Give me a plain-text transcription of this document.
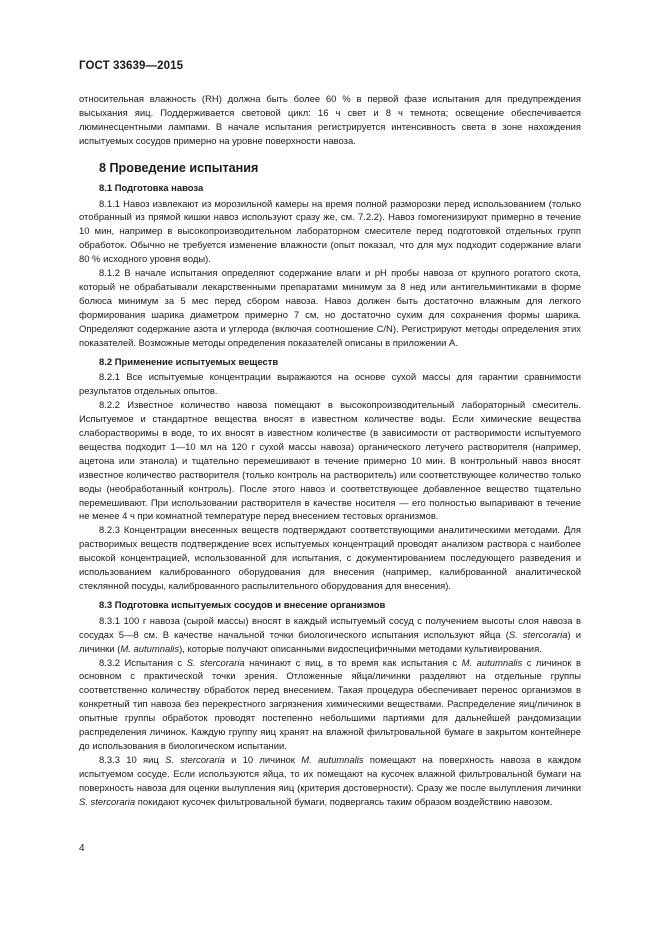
ГОСТ 33639—2015

относительная влажность (RH) должна быть более 60 % в первой фазе испытания для предупреждения высыхания яиц. Поддерживается световой цикл: 16 ч свет и 8 ч темнота; освещение обеспечивается люминесцентными лампами. В начале испытания регистрируется интенсивность света в зоне нахождения испытуемых сосудов примерно на уровне поверхности навоза.

8 Проведение испытания
8.1 Подготовка навоза

8.1.1 Навоз извлекают из морозильной камеры на время полной разморозки перед использованием (только отобранный из прямой кишки навоз используют сразу же, см. 7.2.2). Навоз гомогенизируют примерно в течение 10 мин, например в высокопроизводительном лабораторном смесителе перед подготовкой отдельных групп обработок. Обычно не требуется изменение влажности (опыт показал, что для мух подходит содержание влаги 80 % исходного уровня воды).

8.1.2 В начале испытания определяют содержание влаги и pH пробы навоза от крупного рогатого скота, который не обрабатывали лекарственными препаратами минимум за 8 нед или антигельминтиками в форме болюса минимум за 5 мес перед сбором навоза. Навоз должен быть достаточно влажным для легкого формирования шарика диаметром примерно 7 см, но достаточно сухим для сохранения формы шарика. Определяют содержание азота и углерода (включая соотношение C/N). Регистрируют методы определения этих показателей. Возможные методы определения показателей описаны в приложении А.

8.2 Применение испытуемых веществ

8.2.1 Все испытуемые концентрации выражаются на основе сухой массы для гарантии сравнимости результатов отдельных опытов.

8.2.2 Известное количество навоза помещают в высокопроизводительный лабораторный смеситель. Испытуемое и стандартное вещества вносят в известном количестве воды. Если химические вещества слаборастворимы в воде, то их вносят в известном количестве (в зависимости от растворимости испытуемого вещества подходит 1—10 мл на 120 г сухой массы навоза) органического летучего растворителя (например, ацетона или этанола) и тщательно перемешивают в течение примерно 10 мин. В контрольный навоз вносят известное количество растворителя (только контроль на растворитель) или соответствующее количество только воды (необработанный контроль). После этого навоз и соответствующее добавленное вещество тщательно перемешивают. При использовании растворителя в качестве носителя — его полностью выпаривают в течение не менее 4 ч при комнатной температуре перед внесением тестовых организмов.

8.2.3 Концентрации внесенных веществ подтверждают соответствующими аналитическими методами. Для растворимых веществ подтверждение всех испытуемых концентраций проводят анализом раствора с наиболее высокой концентрацией, использованной для испытания, с документированием последующего разведения и использованием калиброванного оборудования для внесения (например, калиброванной аналитической стеклянной посуды, калиброванного распылительного оборудования для внесения).

8.3 Подготовка испытуемых сосудов и внесение организмов

8.3.1 100 г навоза (сырой массы) вносят в каждый испытуемый сосуд с получением высоты слоя навоза в сосудах 5—8 см. В качестве начальной точки биологического испытания используют яйца (S. stercoraria) и личинки (M. autumnalis), которые получают описанными видоспецифичными методами культивирования.

8.3.2 Испытания с S. stercoraria начинают с яиц, в то время как испытания с M. autumnalis с личинок в основном с практической точки зрения. Отложенные яйца/личинки разделяют на отдельные группы соответственно количеству обработок перед внесением. Такая процедура обеспечивает перенос организмов в конкретный тип навоза без перекрестного загрязнения химическими веществами. Распределение яиц/личинок в опытные группы обработок проводят постепенно небольшими партиями для дальнейшей рандомизации распределения личинок. Каждую группу яиц хранят на влажной фильтровальной бумаге в закрытом контейнере до использования в биологическом испытании.

8.3.3 10 яиц S. stercoraria и 10 личинок M. autumnalis помещают на поверхность навоза в каждом испытуемом сосуде. Если используются яйца, то их помещают на кусочек влажной фильтровальной бумаги на поверхность навоза для оценки вылупления яиц (критерия достоверности). Сразу же после вылупления личинки S. stercoraria покидают кусочек фильтровальной бумаги, подвергаясь таким образом воздействию навозом.

4
